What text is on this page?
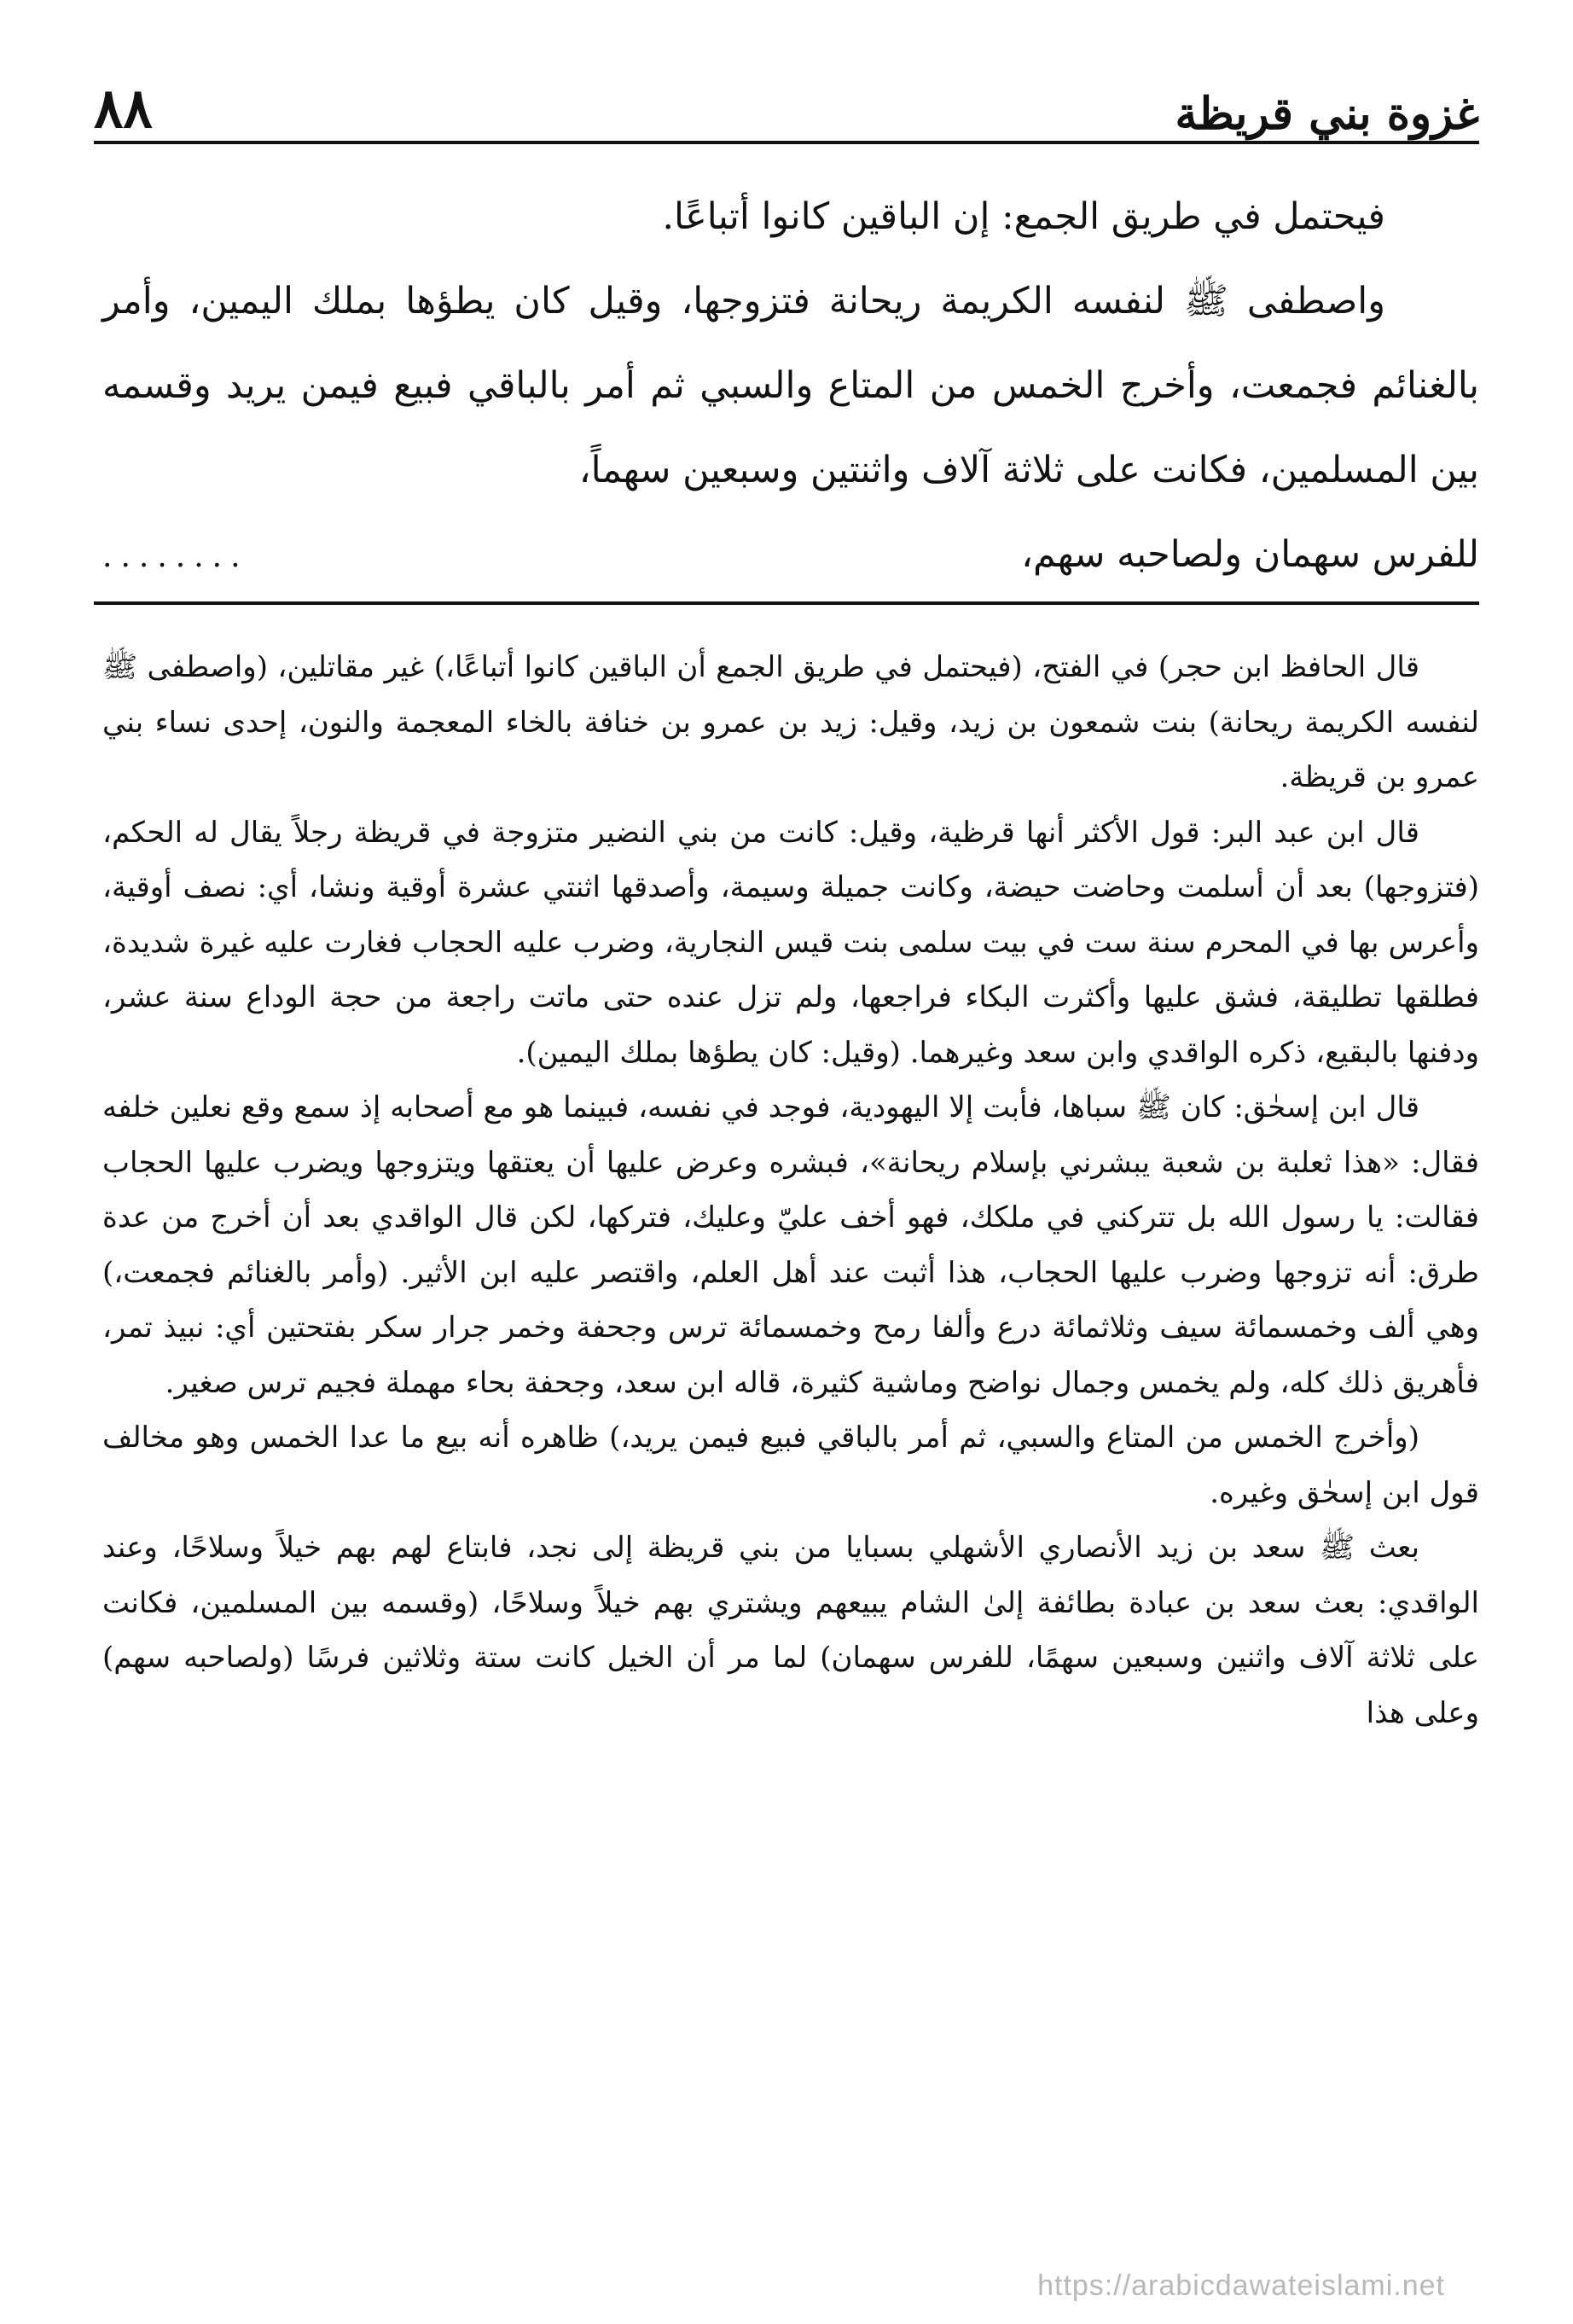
٨٨	غزوة بني قريظة

فيحتمل في طريق الجمع: إن الباقين كانوا أتباعًا.

واصطفى ﷺ لنفسه الكريمة ريحانة فتزوجها، وقيل كان يطؤها بملك اليمين، وأمر بالغنائم فجمعت، وأخرج الخمس من المتاع والسبي ثم أمر بالباقي فبيع فيمن يريد وقسمه بين المسلمين، فكانت على ثلاثة آلاف واثنتين وسبعين سهماً،

للفرس سهمان ولصاحبه سهم،
........

قال الحافظ ابن حجر) في الفتح، (فيحتمل في طريق الجمع أن الباقين كانوا أتباعًا،) غير مقاتلين، (واصطفى ﷺ لنفسه الكريمة ريحانة) بنت شمعون بن زيد، وقيل: زيد بن عمرو بن خنافة بالخاء المعجمة والنون، إحدى نساء بني عمرو بن قريظة.

قال ابن عبد البر: قول الأكثر أنها قرظية، وقيل: كانت من بني النضير متزوجة في قريظة رجلاً يقال له الحكم، (فتزوجها) بعد أن أسلمت وحاضت حيضة، وكانت جميلة وسيمة، وأصدقها اثنتي عشرة أوقية ونشا، أي: نصف أوقية، وأعرس بها في المحرم سنة ست في بيت سلمى بنت قيس النجارية، وضرب عليه الحجاب فغارت عليه غيرة شديدة، فطلقها تطليقة، فشق عليها وأكثرت البكاء فراجعها، ولم تزل عنده حتى ماتت راجعة من حجة الوداع سنة عشر، ودفنها بالبقيع، ذكره الواقدي وابن سعد وغيرهما. (وقيل: كان يطؤها بملك اليمين).

قال ابن إسحٰق: كان ﷺ سباها، فأبت إلا اليهودية، فوجد في نفسه، فبينما هو مع أصحابه إذ سمع وقع نعلين خلفه فقال: «هذا ثعلبة بن شعبة يبشرني بإسلام ريحانة»، فبشره وعرض عليها أن يعتقها ويتزوجها ويضرب عليها الحجاب فقالت: يا رسول الله بل تتركني في ملكك، فهو أخف عليّ وعليك، فتركها، لكن قال الواقدي بعد أن أخرج من عدة طرق: أنه تزوجها وضرب عليها الحجاب، هذا أثبت عند أهل العلم، واقتصر عليه ابن الأثير. (وأمر بالغنائم فجمعت،) وهي ألف وخمسمائة سيف وثلاثمائة درع وألفا رمح وخمسمائة ترس وجحفة وخمر جرار سكر بفتحتين أي: نبيذ تمر، فأهريق ذلك كله، ولم يخمس وجمال نواضح وماشية كثيرة، قاله ابن سعد، وجحفة بحاء مهملة فجيم ترس صغير.

(وأخرج الخمس من المتاع والسبي، ثم أمر بالباقي فبيع فيمن يريد،) ظاهره أنه بيع ما عدا الخمس وهو مخالف قول ابن إسحٰق وغيره.

بعث ﷺ سعد بن زيد الأنصاري الأشهلي بسبايا من بني قريظة إلى نجد، فابتاع لهم بهم خيلاً وسلاحًا، وعند الواقدي: بعث سعد بن عبادة بطائفة إلىٰ الشام يبيعهم ويشتري بهم خيلاً وسلاحًا، (وقسمه بين المسلمين، فكانت على ثلاثة آلاف واثنين وسبعين سهمًا، للفرس سهمان) لما مر أن الخيل كانت ستة وثلاثين فرسًا (ولصاحبه سهم) وعلى هذا

https://arabicdawateislami.net
